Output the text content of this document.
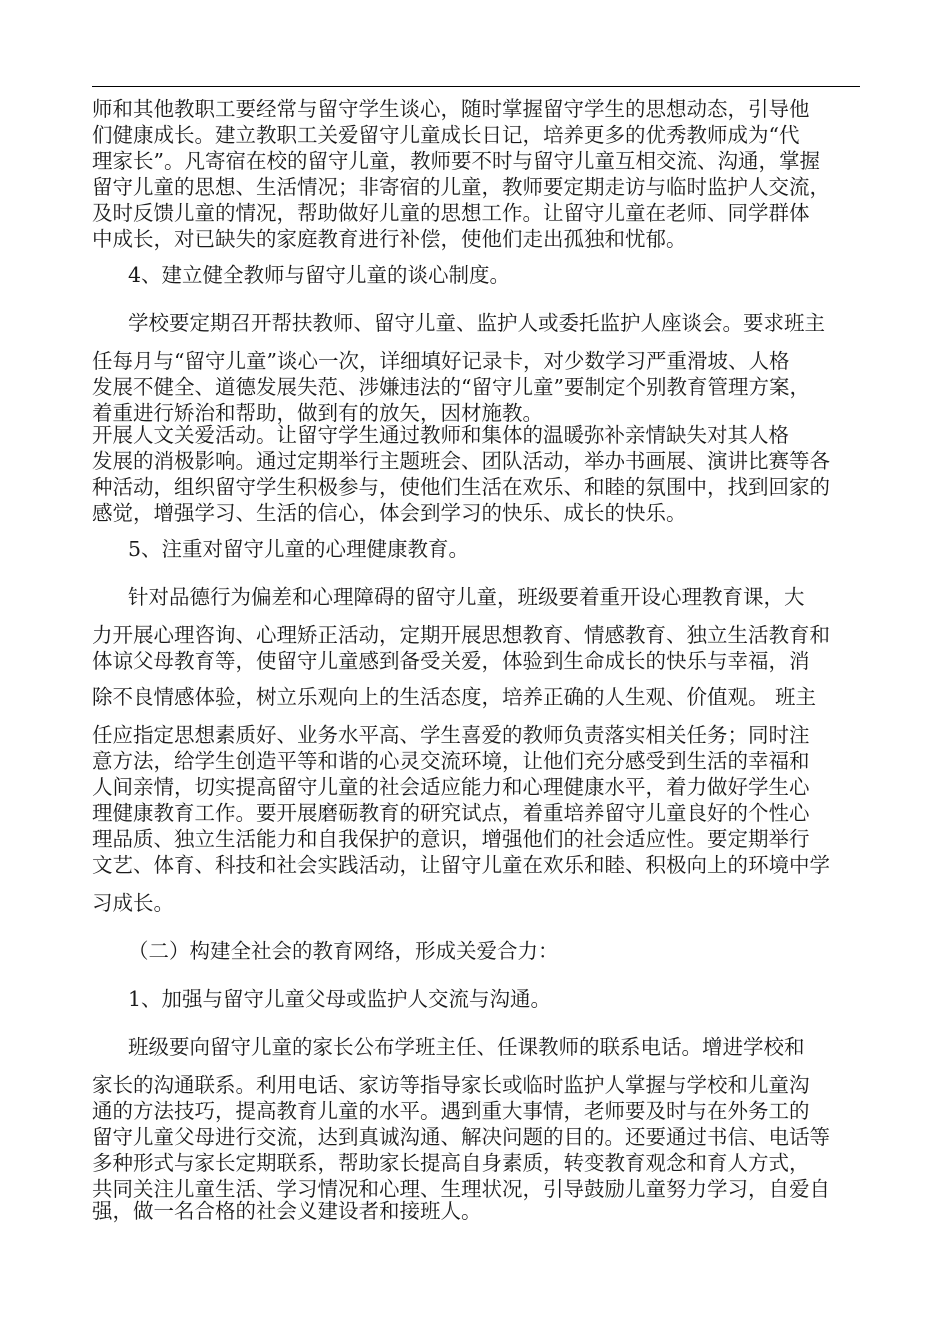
师和其他教职工要经常与留守学生谈心，随时掌握留守学生的思想动态，引导他
们健康成长。建立教职工关爱留守儿童成长日记，培养更多的优秀教师成为“代
理家长”。凡寄宿在校的留守儿童，教师要不时与留守儿童互相交流、沟通，掌握
留守儿童的思想、生活情况；非寄宿的儿童，教师要定期走访与临时监护人交流，
及时反馈儿童的情况，帮助做好儿童的思想工作。让留守儿童在老师、同学群体
中成长，对已缺失的家庭教育进行补偿，使他们走出孤独和忧郁。
4、建立健全教师与留守儿童的谈心制度。
学校要定期召开帮扶教师、留守儿童、监护人或委托监护人座谈会。要求班主
任每月与“留守儿童”谈心一次，详细填好记录卡，对少数学习严重滑坡、人格
发展不健全、道德发展失范、涉嫌违法的“留守儿童”要制定个别教育管理方案，
着重进行矫治和帮助，做到有的放矢，因材施教。
开展人文关爱活动。让留守学生通过教师和集体的温暖弥补亲情缺失对其人格
发展的消极影响。通过定期举行主题班会、团队活动，举办书画展、演讲比赛等各
种活动，组织留守学生积极参与，使他们生活在欢乐、和睦的氛围中，找到回家的
感觉，增强学习、生活的信心，体会到学习的快乐、成长的快乐。
5、注重对留守儿童的心理健康教育。
针对品德行为偏差和心理障碍的留守儿童，班级要着重开设心理教育课，大
力开展心理咨询、心理矫正活动，定期开展思想教育、情感教育、独立生活教育和
体谅父母教育等，使留守儿童感到备受关爱，体验到生命成长的快乐与幸福，消
除不良情感体验，树立乐观向上的生活态度，培养正确的人生观、价值观。 班主
任应指定思想素质好、业务水平高、学生喜爱的教师负责落实相关任务；同时注
意方法，给学生创造平等和谐的心灵交流环境，让他们充分感受到生活的幸福和
人间亲情，切实提高留守儿童的社会适应能力和心理健康水平，着力做好学生心
理健康教育工作。要开展磨砺教育的研究试点，着重培养留守儿童良好的个性心
理品质、独立生活能力和自我保护的意识，增强他们的社会适应性。要定期举行
文艺、体育、科技和社会实践活动，让留守儿童在欢乐和睦、积极向上的环境中学
习成长。
（二）构建全社会的教育网络，形成关爱合力：
1、加强与留守儿童父母或监护人交流与沟通。
班级要向留守儿童的家长公布学班主任、任课教师的联系电话。增进学校和
家长的沟通联系。利用电话、家访等指导家长或临时监护人掌握与学校和儿童沟
通的方法技巧，提高教育儿童的水平。遇到重大事情，老师要及时与在外务工的
留守儿童父母进行交流，达到真诚沟通、解决问题的目的。还要通过书信、电话等
多种形式与家长定期联系，帮助家长提高自身素质，转变教育观念和育人方式，
共同关注儿童生活、学习情况和心理、生理状况，引导鼓励儿童努力学习，自爱自
强，做一名合格的社会义建设者和接班人。
